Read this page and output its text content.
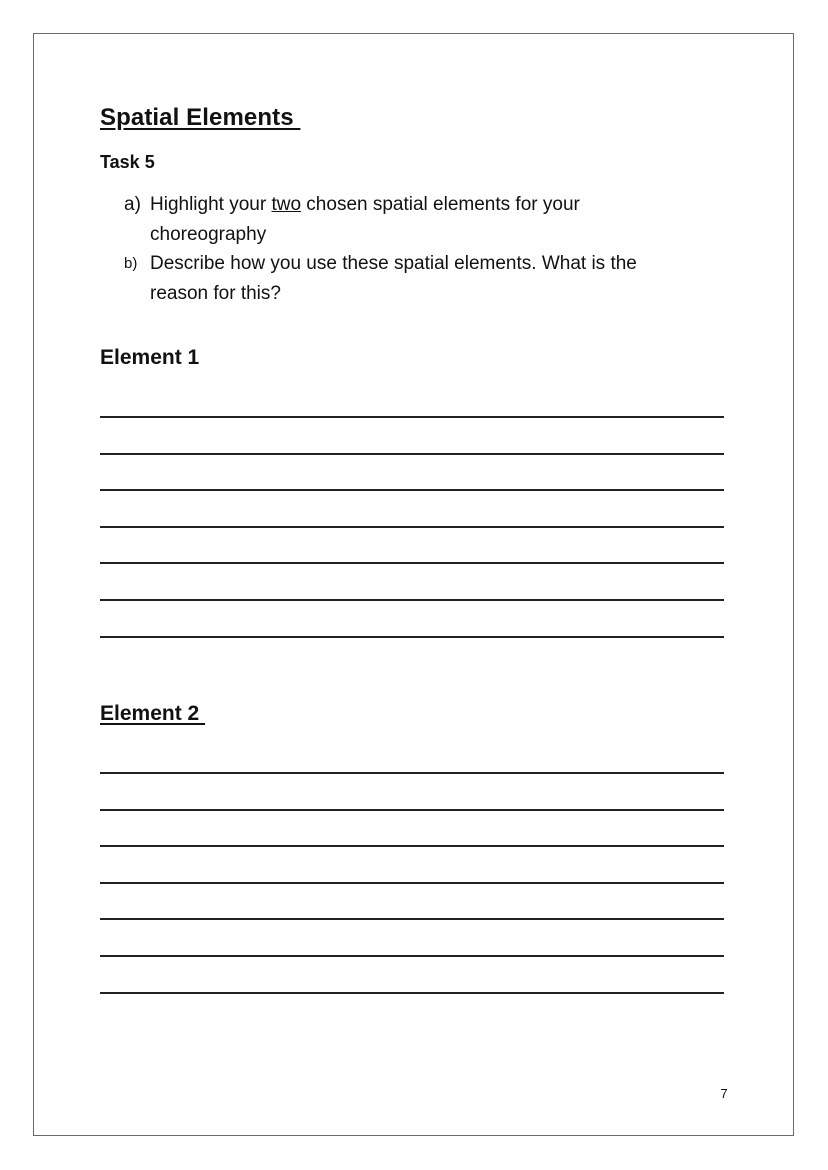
Spatial Elements
Task 5
a) Highlight your two chosen spatial elements for your choreography
b) Describe how you use these spatial elements. What is the reason for this?
Element 1
Element 2
7
